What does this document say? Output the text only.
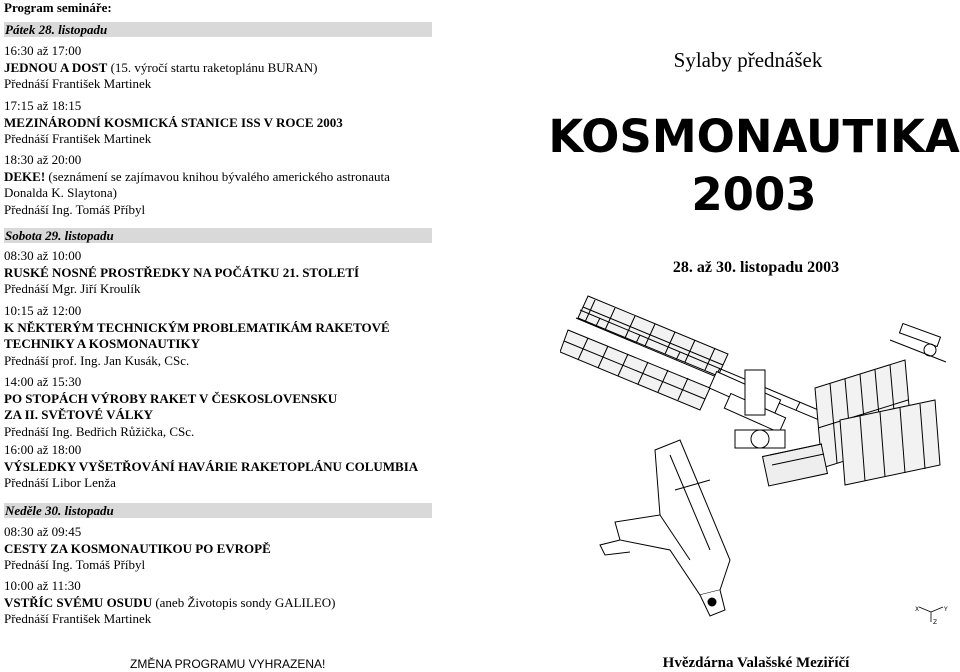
Program semináře:
Pátek 28. listopadu
16:30 až 17:00
JEDNOU A DOST (15. výročí startu raketoplánu BURAN)
Přednáší František Martinek
17:15 až 18:15
MEZINÁRODNÍ KOSMICKÁ STANICE ISS V ROCE 2003
Přednáší František Martinek
18:30 až 20:00
DEKE! (seznámení se zajímavou knihou bývalého amerického astronauta
Donalda K. Slaytona)
Přednáší Ing. Tomáš Příbyl
Sobota 29. listopadu
08:30 až 10:00
RUSKÉ NOSNÉ PROSTŘEDKY NA POČÁTKU 21. STOLETÍ
Přednáší Mgr. Jiří Kroulík
10:15 až 12:00
K NĚKTERÝM TECHNICKÝM PROBLEMATIKÁM RAKETOVÉ
TECHNIKY A KOSMONAUTIKY
Přednáší prof. Ing. Jan Kusák, CSc.
14:00 až 15:30
PO STOPÁCH VÝROBY RAKET V ČESKOSLOVENSKU
ZA II. SVĚTOVÉ VÁLKY
Přednáší Ing. Bedřich Růžička, CSc.
16:00 až 18:00
VÝSLEDKY VYŠETŘOVÁNÍ HAVÁRIE RAKETOPLÁNU COLUMBIA
Přednáší Libor Lenža
Neděle 30. listopadu
08:30 až 09:45
CESTY ZA KOSMONAUTIKOU PO EVROPĚ
Přednáší Ing. Tomáš Příbyl
10:00 až 11:30
VSTŘÍC SVÉMU OSUDU (aneb Životopis sondy GALILEO)
Přednáší František Martinek
ZMĚNA PROGRAMU VYHRAZENA!
Sylaby přednášek
KOSMONAUTIKA
2003
28. až 30. listopadu 2003
X	Y
Z
Hvězdárna Valašské Meziříčí
